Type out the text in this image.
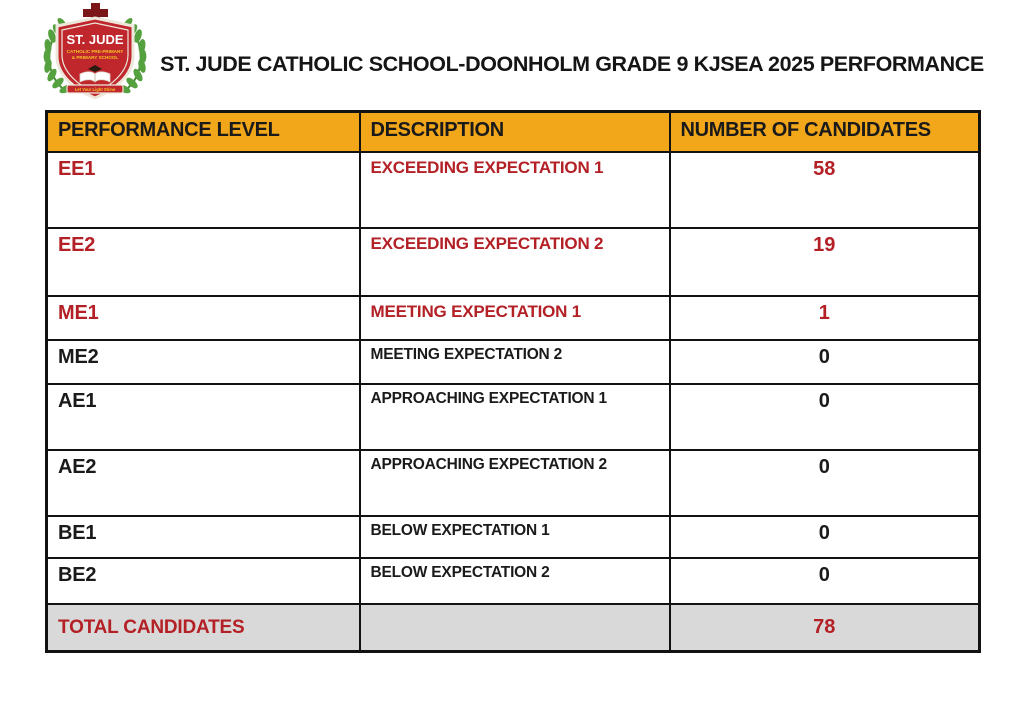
ST. JUDE
CATHOLIC PRE-PRIMARY
& PRIMARY SCHOOL
Let Your Light Shine
ST. JUDE CATHOLIC SCHOOL-DOONHOLM GRADE 9 KJSEA 2025 PERFORMANCE
PERFORMANCE LEVEL	DESCRIPTION	NUMBER OF CANDIDATES
EE1	EXCEEDING EXPECTATION 1	58
EE2	EXCEEDING EXPECTATION 2	19
ME1	MEETING EXPECTATION 1	1
ME2	MEETING EXPECTATION 2	0
AE1	APPROACHING EXPECTATION 1	0
AE2	APPROACHING EXPECTATION 2	0
BE1	BELOW EXPECTATION 1	0
BE2	BELOW EXPECTATION 2	0
TOTAL CANDIDATES		78
